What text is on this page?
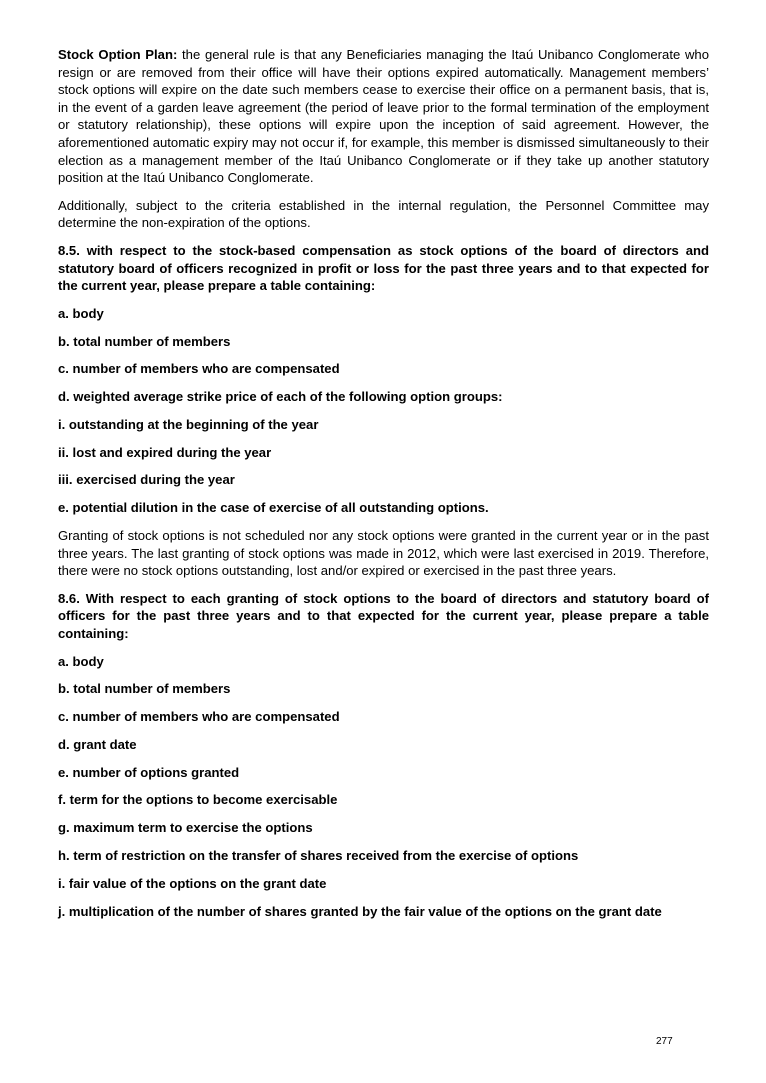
Stock Option Plan: the general rule is that any Beneficiaries managing the Itaú Unibanco Conglomerate who resign or are removed from their office will have their options expired automatically. Management members’ stock options will expire on the date such members cease to exercise their office on a permanent basis, that is, in the event of a garden leave agreement (the period of leave prior to the formal termination of the employment or statutory relationship), these options will expire upon the inception of said agreement. However, the aforementioned automatic expiry may not occur if, for example, this member is dismissed simultaneously to their election as a management member of the Itaú Unibanco Conglomerate or if they take up another statutory position at the Itaú Unibanco Conglomerate.

Additionally, subject to the criteria established in the internal regulation, the Personnel Committee may determine the non-expiration of the options.

8.5. with respect to the stock-based compensation as stock options of the board of directors and statutory board of officers recognized in profit or loss for the past three years and to that expected for the current year, please prepare a table containing:

a. body

b. total number of members

c. number of members who are compensated

d. weighted average strike price of each of the following option groups:

i. outstanding at the beginning of the year

ii. lost and expired during the year

iii. exercised during the year

e. potential dilution in the case of exercise of all outstanding options.

Granting of stock options is not scheduled nor any stock options were granted in the current year or in the past three years. The last granting of stock options was made in 2012, which were last exercised in 2019. Therefore, there were no stock options outstanding, lost and/or expired or exercised in the past three years.

8.6. With respect to each granting of stock options to the board of directors and statutory board of officers for the past three years and to that expected for the current year, please prepare a table containing:

a. body

b. total number of members

c. number of members who are compensated

d. grant date

e. number of options granted

f. term for the options to become exercisable

g. maximum term to exercise the options

h. term of restriction on the transfer of shares received from the exercise of options

i. fair value of the options on the grant date

j. multiplication of the number of shares granted by the fair value of the options on the grant date

277
